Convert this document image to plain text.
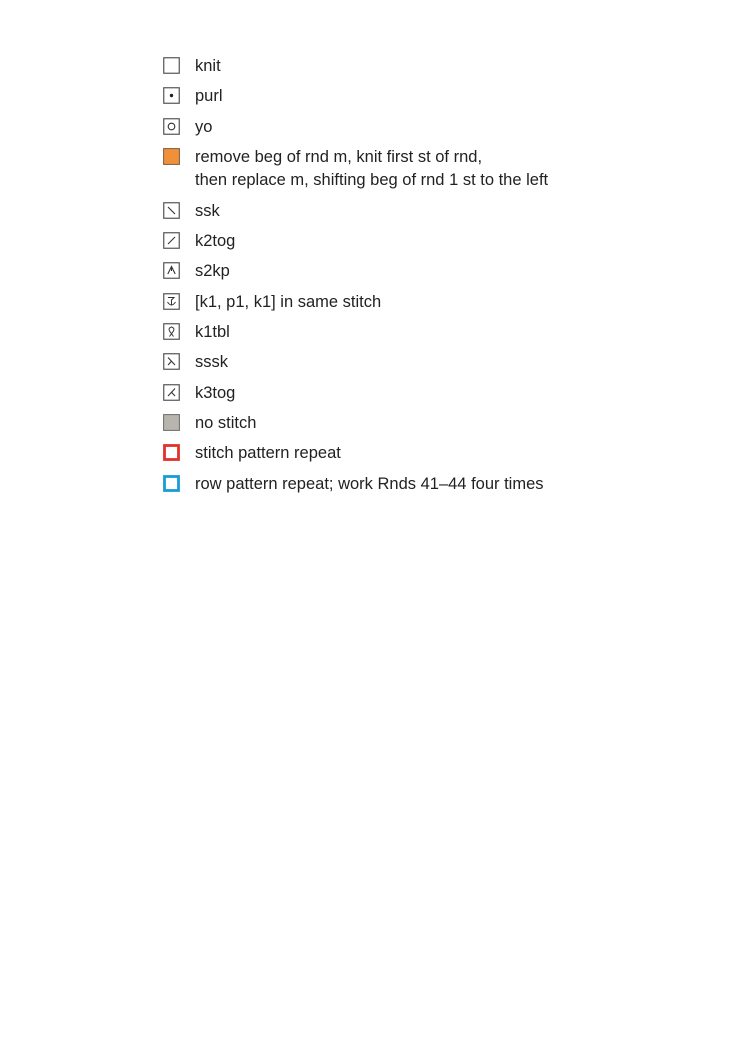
knit
purl
yo
remove beg of rnd m, knit first st of rnd,
then replace m, shifting beg of rnd 1 st to the left
ssk
k2tog
s2kp
[k1, p1, k1] in same stitch
k1tbl
sssk
k3tog
no stitch
stitch pattern repeat
row pattern repeat; work Rnds 41–44 four times
